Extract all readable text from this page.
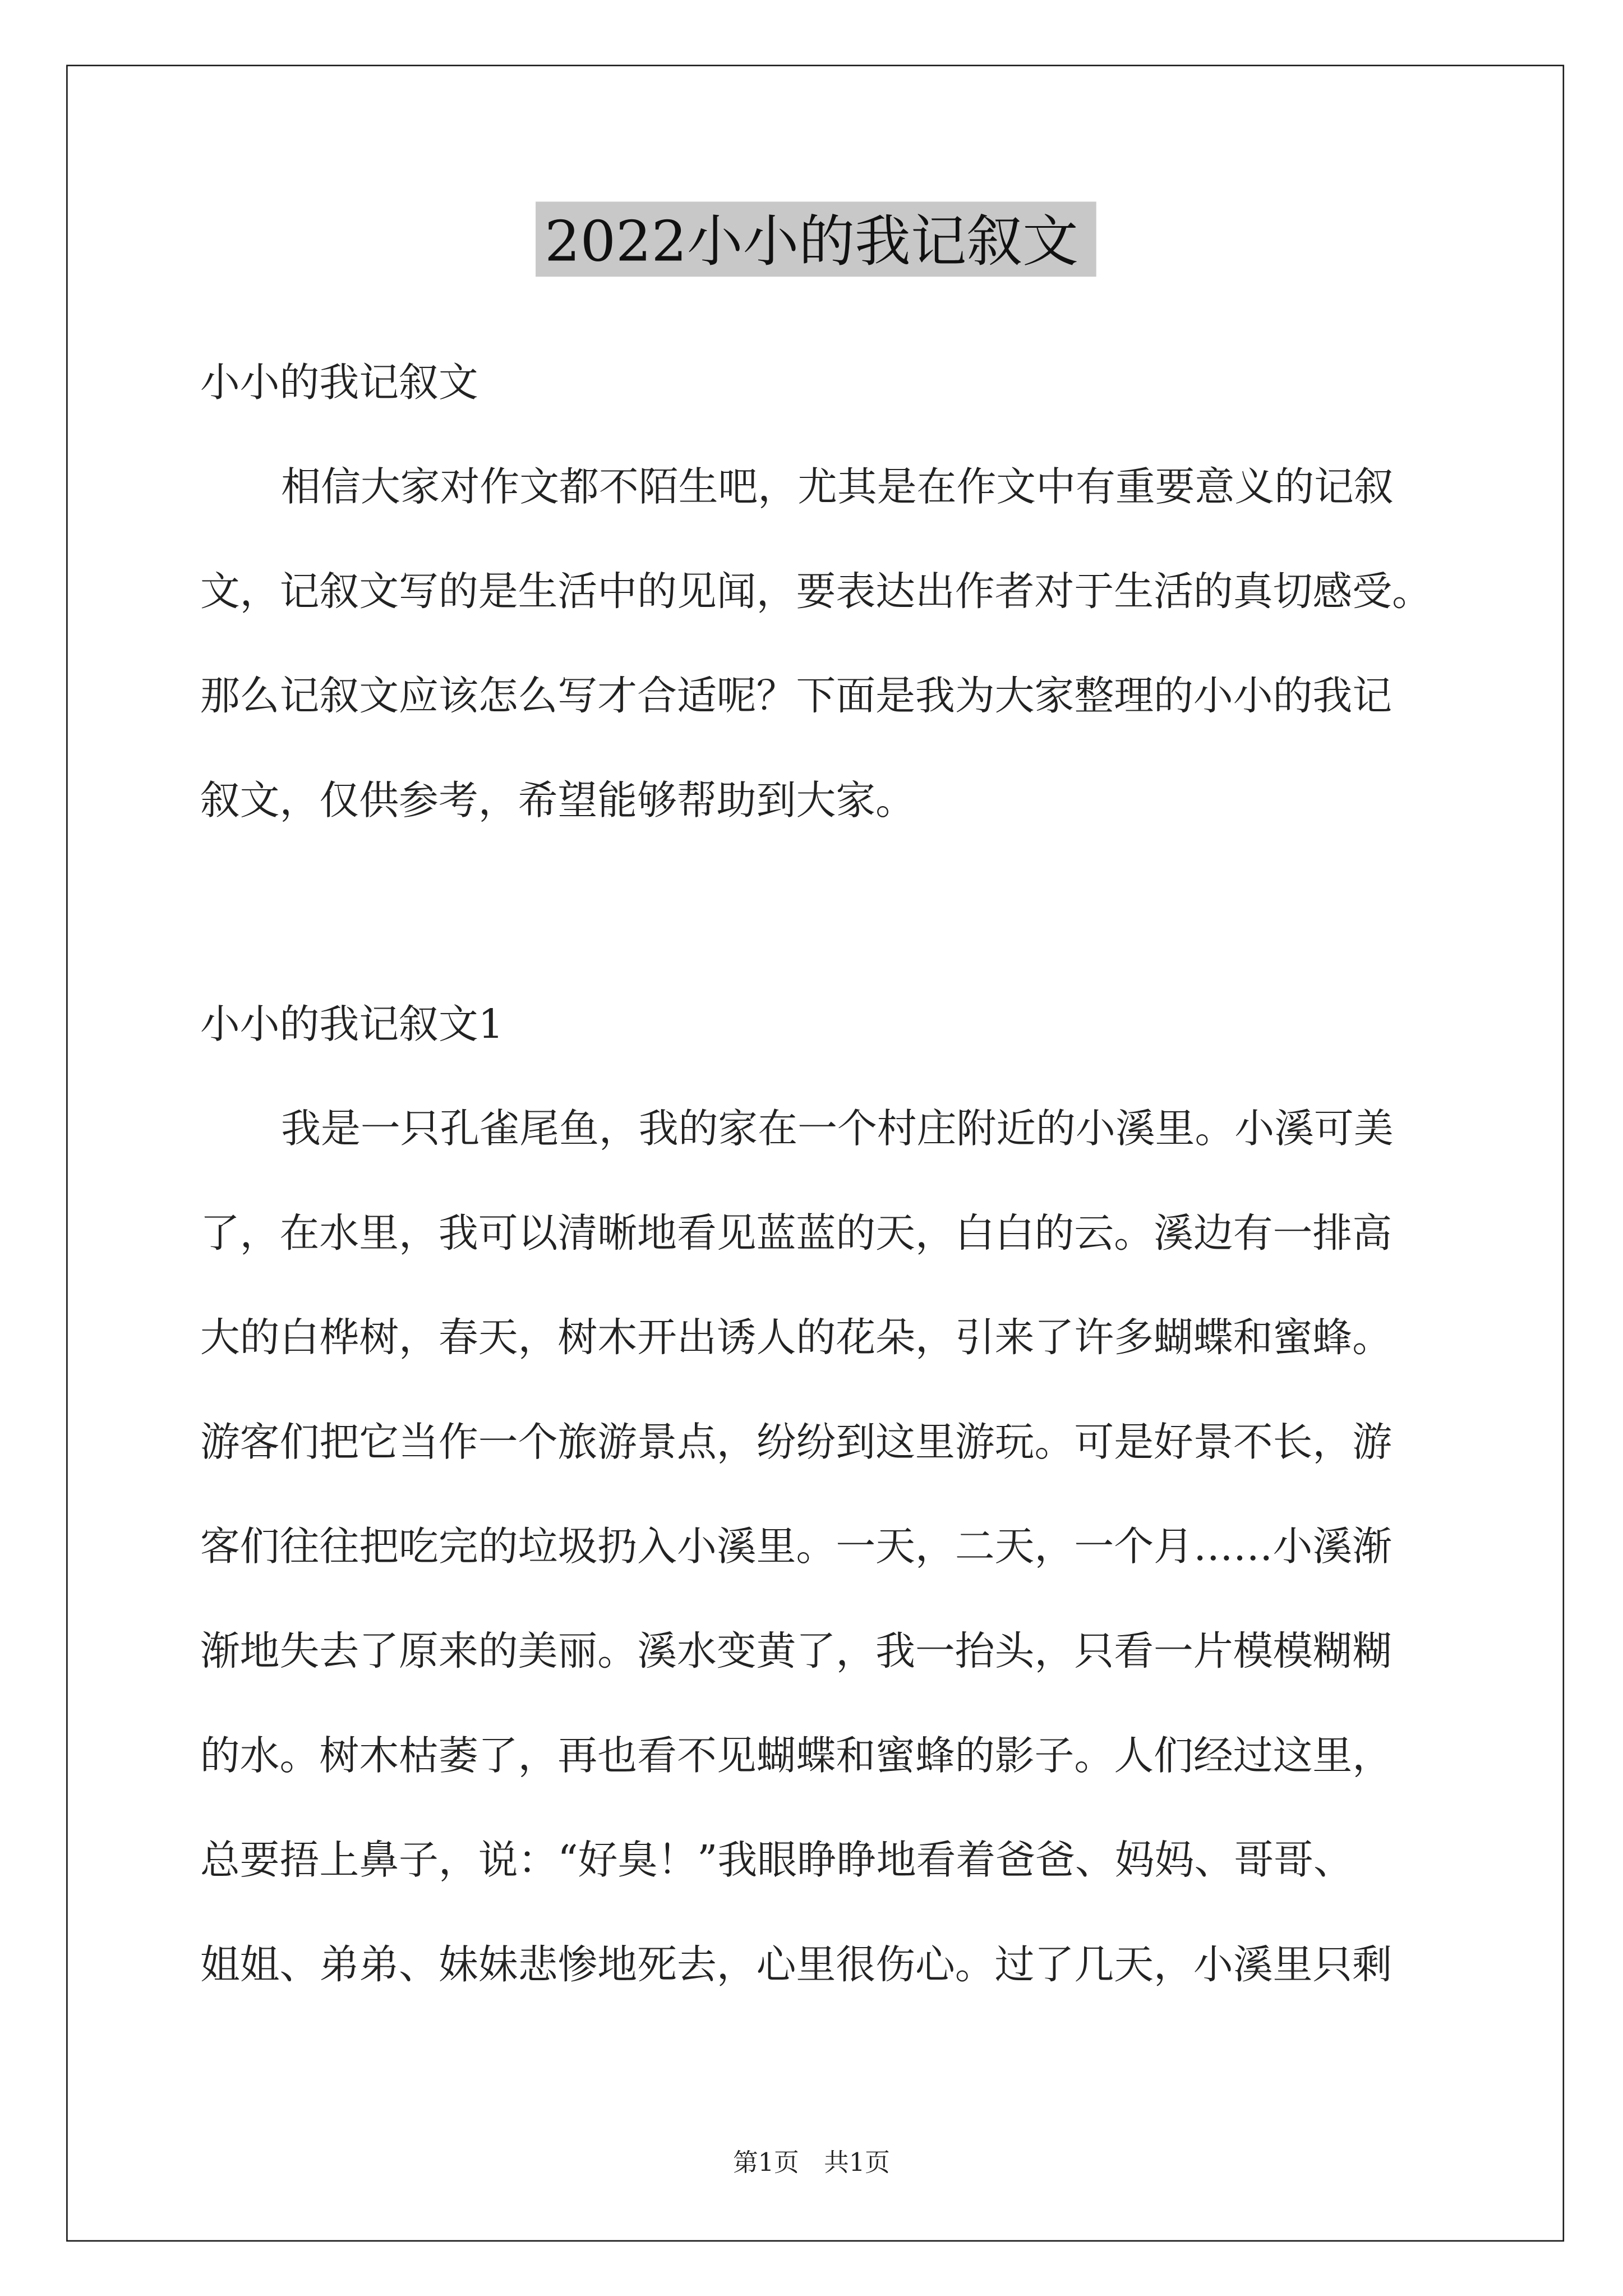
2022小小的我记叙文
小小的我记叙文
相信大家对作文都不陌生吧，尤其是在作文中有重要意义的记叙
文，记叙文写的是生活中的见闻，要表达出作者对于生活的真切感受。
那么记叙文应该怎么写才合适呢？下面是我为大家整理的小小的我记
叙文，仅供参考，希望能够帮助到大家。
小小的我记叙文1
我是一只孔雀尾鱼，我的家在一个村庄附近的小溪里。小溪可美
了，在水里，我可以清晰地看见蓝蓝的天，白白的云。溪边有一排高
大的白桦树，春天，树木开出诱人的花朵，引来了许多蝴蝶和蜜蜂。
游客们把它当作一个旅游景点，纷纷到这里游玩。可是好景不长，游
客们往往把吃完的垃圾扔入小溪里。一天，二天，一个月……小溪渐
渐地失去了原来的美丽。溪水变黄了，我一抬头，只看一片模模糊糊
的水。树木枯萎了，再也看不见蝴蝶和蜜蜂的影子。人们经过这里，
总要捂上鼻子，说：“好臭！”我眼睁睁地看着爸爸、妈妈、哥哥、
姐姐、弟弟、妹妹悲惨地死去，心里很伤心。过了几天，小溪里只剩
第1页　共1页
